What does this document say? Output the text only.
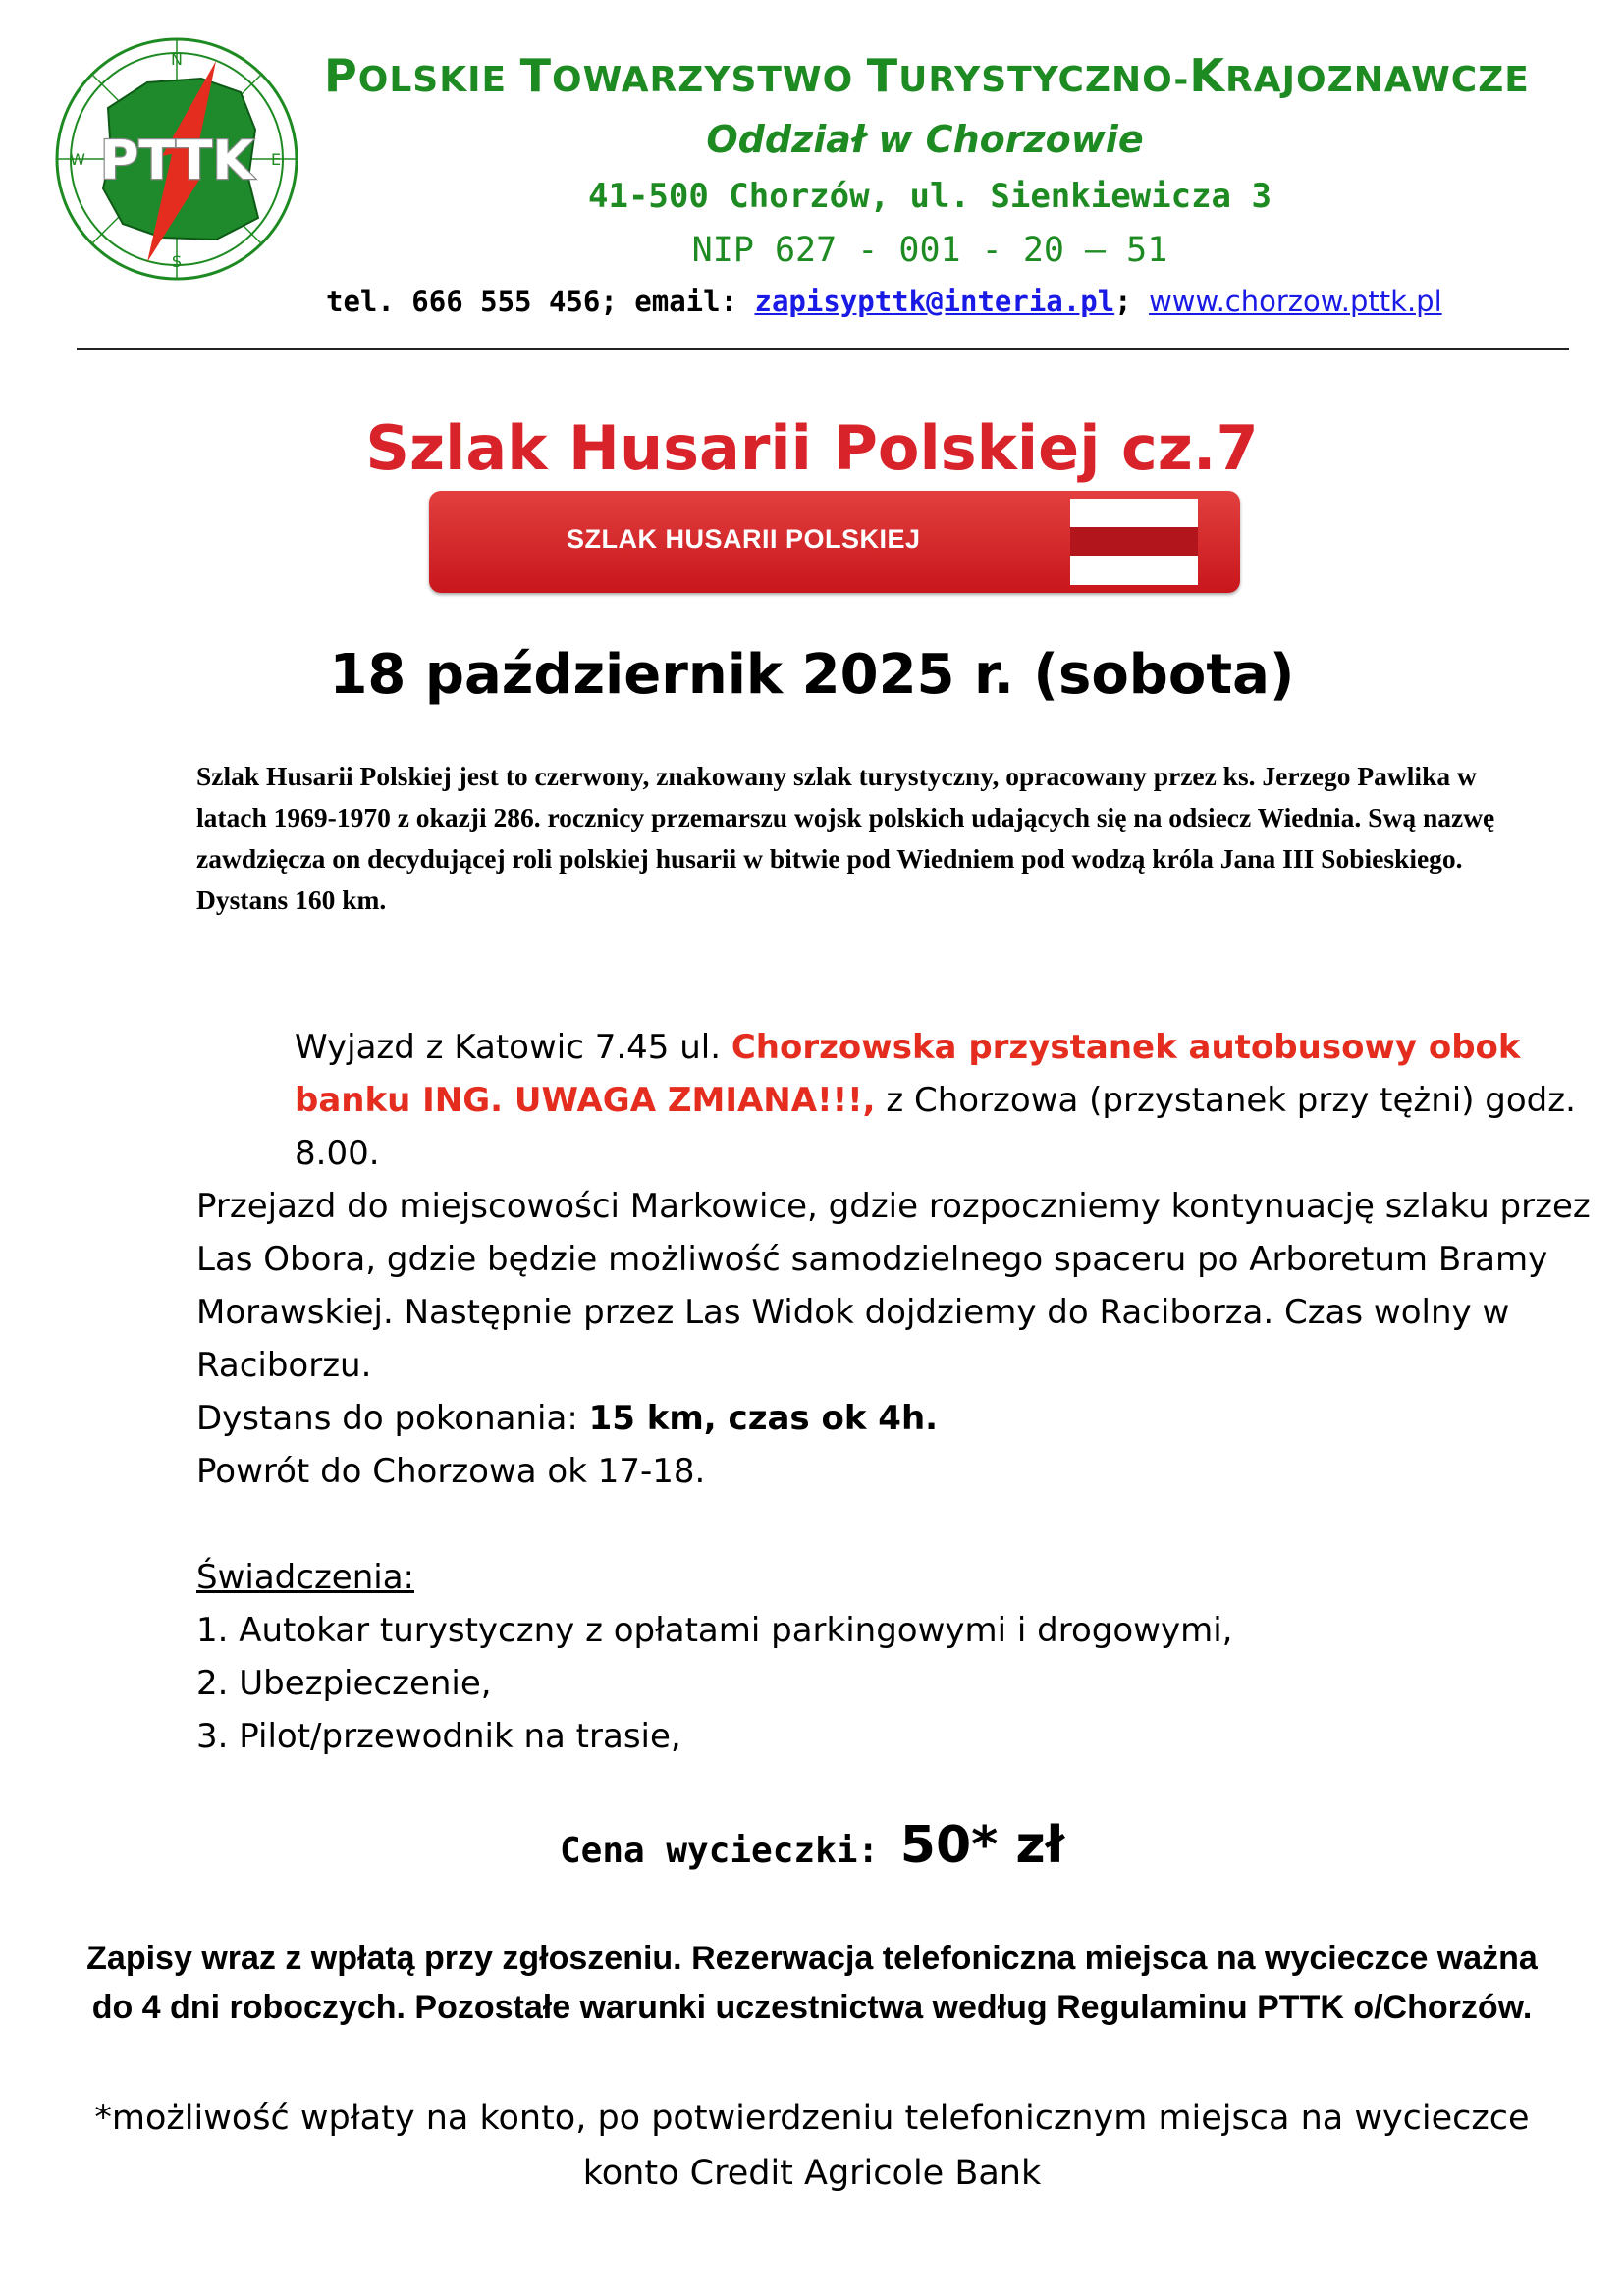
PTTK
N
S
E
W
POLSKIE TOWARZYSTWO TURYSTYCZNO-KRAJOZNAWCZE
Oddział w Chorzowie
41-500 Chorzów, ul. Sienkiewicza 3
NIP 627 - 001 - 20 – 51
tel. 666 555 456; email: zapisypttk@interia.pl; www.chorzow.pttk.pl
Szlak Husarii Polskiej cz.7
SZLAK HUSARII POLSKIEJ
18 październik 2025 r. (sobota)
Szlak Husarii Polskiej jest to czerwony, znakowany szlak turystyczny, opracowany przez ks. Jerzego Pawlika w latach 1969-1970 z okazji 286. rocznicy przemarszu wojsk polskich udających się na odsiecz Wiednia. Swą nazwę zawdzięcza on decydującej roli polskiej husarii w bitwie pod Wiedniem pod wodzą króla Jana III Sobieskiego. Dystans 160 km.

Wyjazd z Katowic 7.45 ul. Chorzowska przystanek autobusowy obok banku ING. UWAGA ZMIANA!!!, z Chorzowa (przystanek przy tężni) godz. 8.00.

Przejazd do miejscowości Markowice, gdzie rozpoczniemy kontynuację szlaku przez Las Obora, gdzie będzie możliwość samodzielnego spaceru po Arboretum Bramy Morawskiej. Następnie przez Las Widok dojdziemy do Raciborza. Czas wolny w Raciborzu.

Dystans do pokonania: 15 km, czas ok 4h.

Powrót do Chorzowa ok 17-18.

Świadczenia:

1. Autokar turystyczny z opłatami parkingowymi i drogowymi,

2. Ubezpieczenie,

3. Pilot/przewodnik na trasie,

Cena wycieczki: 50* zł
Zapisy wraz z wpłatą przy zgłoszeniu. Rezerwacja telefoniczna miejsca na wycieczce ważna do 4 dni roboczych. Pozostałe warunki uczestnictwa według Regulaminu PTTK o/Chorzów.
*możliwość wpłaty na konto, po potwierdzeniu telefonicznym miejsca na wycieczce konto Credit Agricole Bank
